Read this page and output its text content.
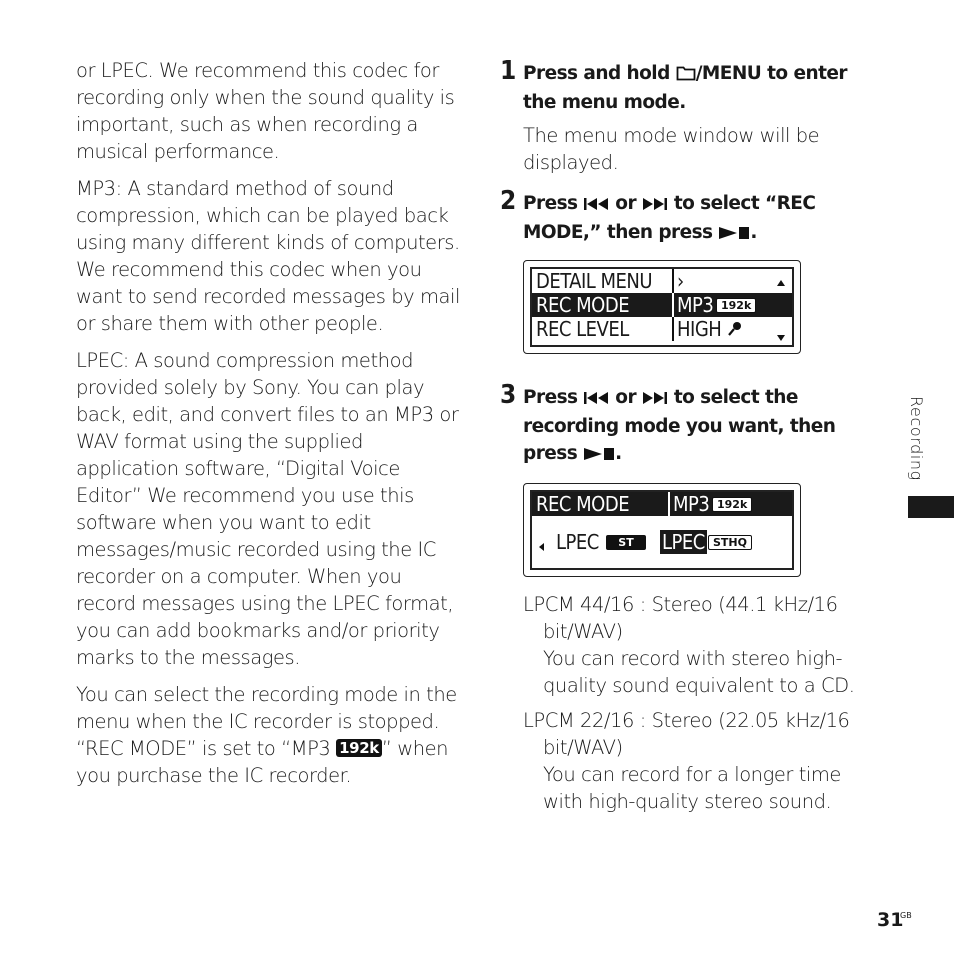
or LPEC. We recommend this codec for recording only when the sound quality is important, such as when recording a musical performance.

MP3: A standard method of sound compression, which can be played back using many different kinds of computers. We recommend this codec when you want to send recorded messages by mail or share them with other people.

LPEC: A sound compression method provided solely by Sony. You can play back, edit, and convert files to an MP3 or WAV format using the supplied application software, “Digital Voice Editor” We recommend you use this software when you want to edit messages/music recorded using the IC recorder on a computer. When you record messages using the LPEC format, you can add bookmarks and/or priority marks to the messages.

You can select the recording mode in the menu when the IC recorder is stopped. “REC MODE” is set to “MP3 192k ” when you purchase the IC recorder.

1 Press and hold /MENU to enter the menu mode.

The menu mode window will be displayed.

2 Press  or  to select “REC MODE,” then press .

DETAIL MENU ›
REC MODE MP3 192k
REC LEVEL HIGH
3 Press  or  to select the recording mode you want, then press .

REC MODE MP3 192k
LPEC	ST	LPEC STHQ

LPCM 44/16 : Stereo (44.1 kHz/16 bit/WAV)

You can record with stereo high-quality sound equivalent to a CD.

LPCM 22/16 : Stereo (22.05 kHz/16 bit/WAV)

You can record for a longer time with high-quality stereo sound.

Recording
31
GB
